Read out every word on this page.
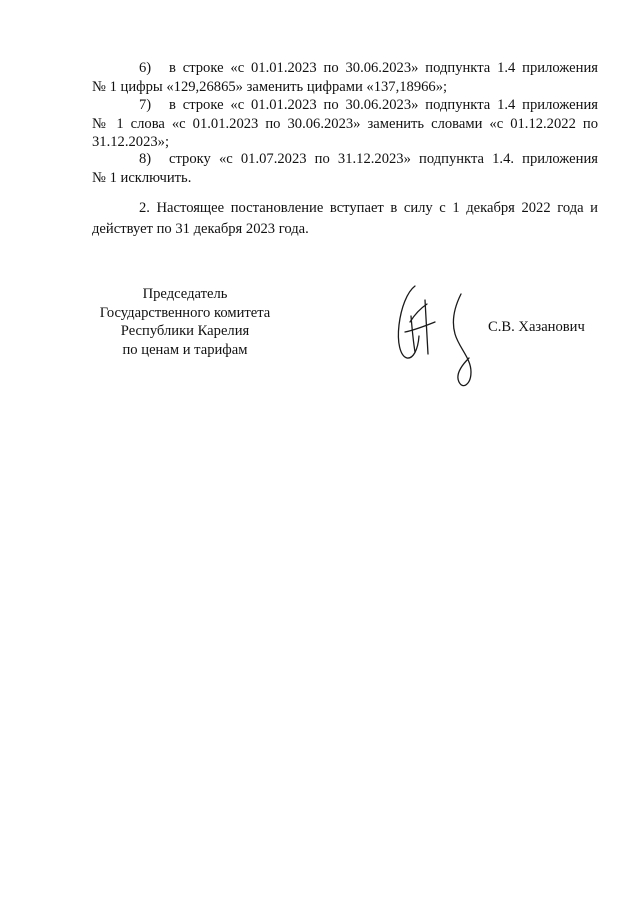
6) в строке «с 01.01.2023 по 30.06.2023» подпункта 1.4 приложения
№ 1 цифры «129,26865» заменить цифрами «137,18966»;
7) в строке «с 01.01.2023 по 30.06.2023» подпункта 1.4 приложения
№ 1 слова «с 01.01.2023 по 30.06.2023» заменить словами «с 01.12.2022 по
31.12.2023»;
8) строку «с 01.07.2023 по 31.12.2023» подпункта 1.4. приложения
№ 1 исключить.
2. Настоящее постановление вступает в силу с 1 декабря 2022 года и действует по 31 декабря 2023 года.
Председатель
Государственного комитета
Республики Карелия
по ценам и тарифам
С.В. Хазанович
